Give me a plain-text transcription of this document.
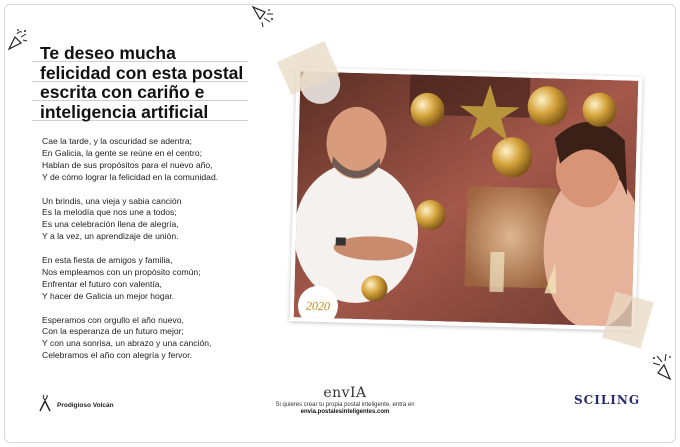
Te deseo mucha felicidad con esta postal escrita con cariño e inteligencia artificial
Cae la tarde, y la oscuridad se adentra;
En Galicia, la gente se reúne en el centro;
Hablan de sus propósitos para el nuevo año,
Y de cómo lograr la felicidad en la comunidad.
Un brindis, una vieja y sabia canción
Es la melodía que nos une a todos;
Es una celebración llena de alegría,
Y a la vez, un aprendizaje de unión.
En esta fiesta de amigos y familia,
Nos empleamos con un propósito común;
Enfrentar el futuro con valentía,
Y hacer de Galicia un mejor hogar.
Esperamos con orgullo el año nuevo,
Con la esperanza de un futuro mejor;
Y con una sonrisa, un abrazo y una canción,
Celebramos el año con alegría y fervor.
2020
Prodigioso Volcán
envIA
Si quieres crear tu propia postal inteligente, entra en
envia.postalesinteligentes.com
SCILING
